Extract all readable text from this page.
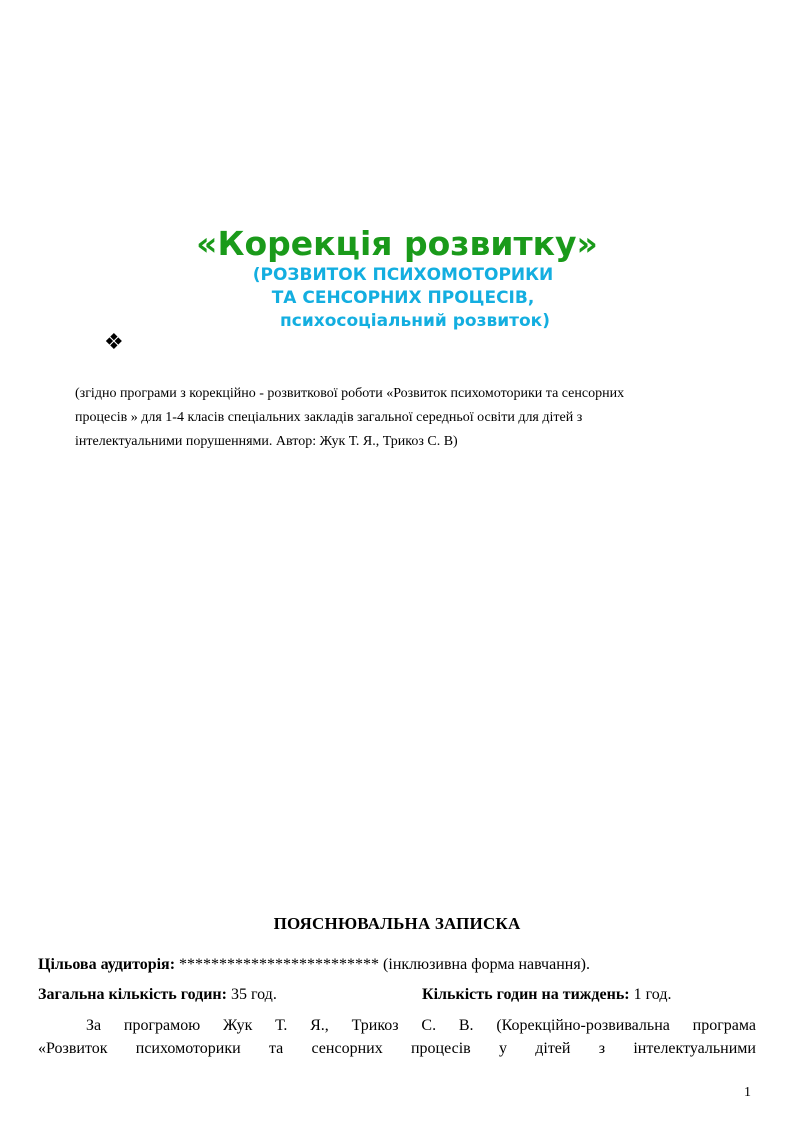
«Корекція розвитку»
(РОЗВИТОК ПСИХОМОТОРИКИ
ТА СЕНСОРНИХ ПРОЦЕСІВ,
психосоціальний розвиток)
❖
(згідно програми з корекційно - розвиткової роботи «Розвиток психомоторики та сенсорних
процесів » для 1-4 класів спеціальних закладів загальної середньої освіти для дітей з
інтелектуальними порушеннями. Автор: Жук Т. Я., Трикоз С. В)
ПОЯСНЮВАЛЬНА ЗАПИСКА
Цільова аудиторія: ************************* (інклюзивна форма навчання).
Загальна кількість годин: 35 год.	Кількість годин на тиждень: 1 год.
За програмою Жук Т. Я., Трикоз С. В. (Корекційно-розвивальна програма
«Розвиток психомоторики та сенсорних процесів у дітей з інтелектуальними
1
